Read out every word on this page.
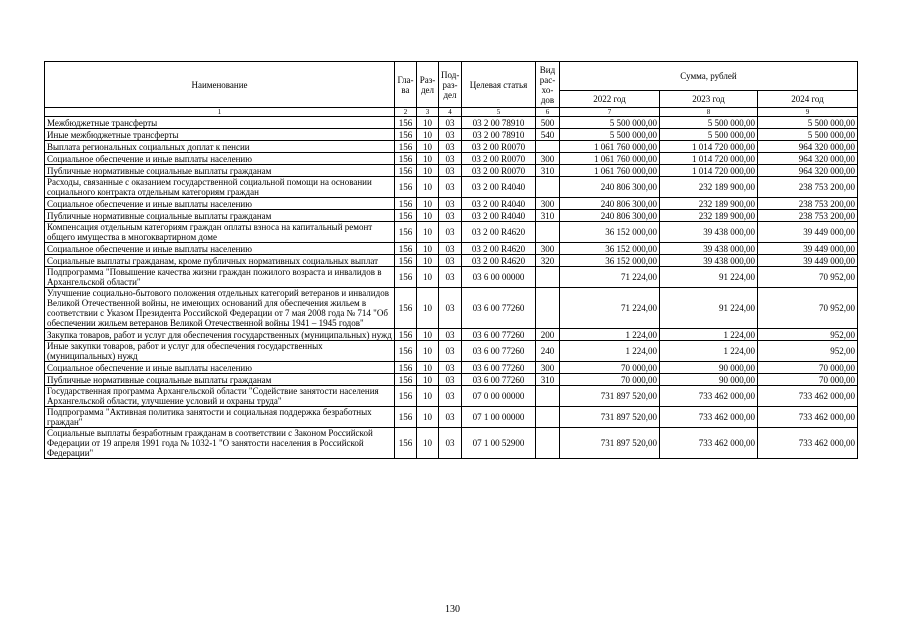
Наименование	Гла-ва	Раз-дел	Под-раз-дел	Целевая статья	Вид рас-хо-дов	Сумма, рублей		
						2022 год	2023 год	2024 год
1	2	3	4	5	6	7	8	9
Межбюджетные трансферты	156	10	03	03 2 00 78910	500	5 500 000,00	5 500 000,00	5 500 000,00
Иные межбюджетные трансферты	156	10	03	03 2 00 78910	540	5 500 000,00	5 500 000,00	5 500 000,00
Выплата региональных социальных доплат к пенсии	156	10	03	03 2 00 R0070		1 061 760 000,00	1 014 720 000,00	964 320 000,00
Социальное обеспечение и иные выплаты населению	156	10	03	03 2 00 R0070	300	1 061 760 000,00	1 014 720 000,00	964 320 000,00
Публичные нормативные социальные выплаты гражданам	156	10	03	03 2 00 R0070	310	1 061 760 000,00	1 014 720 000,00	964 320 000,00
Расходы, связанные с оказанием государственной социальной помощи на основании социального контракта отдельным категориям граждан	156	10	03	03 2 00 R4040		240 806 300,00	232 189 900,00	238 753 200,00
Социальное обеспечение и иные выплаты населению	156	10	03	03 2 00 R4040	300	240 806 300,00	232 189 900,00	238 753 200,00
Публичные нормативные социальные выплаты гражданам	156	10	03	03 2 00 R4040	310	240 806 300,00	232 189 900,00	238 753 200,00
Компенсация отдельным категориям граждан оплаты взноса на капитальный ремонт общего имущества в многоквартирном доме	156	10	03	03 2 00 R4620		36 152 000,00	39 438 000,00	39 449 000,00
Социальное обеспечение и иные выплаты населению	156	10	03	03 2 00 R4620	300	36 152 000,00	39 438 000,00	39 449 000,00
Социальные выплаты гражданам, кроме публичных нормативных социальных выплат	156	10	03	03 2 00 R4620	320	36 152 000,00	39 438 000,00	39 449 000,00
Подпрограмма "Повышение качества жизни граждан пожилого возраста и инвалидов в Архангельской области"	156	10	03	03 6 00 00000		71 224,00	91 224,00	70 952,00
Улучшение социально-бытового положения отдельных категорий ветеранов и инвалидов Великой Отечественной войны, не имеющих оснований для обеспечения жильем в соответствии с Указом Президента Российской Федерации от 7 мая 2008 года № 714 "Об обеспечении жильем ветеранов Великой Отечественной войны 1941 – 1945 годов"	156	10	03	03 6 00 77260		71 224,00	91 224,00	70 952,00
Закупка товаров, работ и услуг для обеспечения государственных (муниципальных) нужд	156	10	03	03 6 00 77260	200	1 224,00	1 224,00	952,00
Иные закупки товаров, работ и услуг для обеспечения государственных (муниципальных) нужд	156	10	03	03 6 00 77260	240	1 224,00	1 224,00	952,00
Социальное обеспечение и иные выплаты населению	156	10	03	03 6 00 77260	300	70 000,00	90 000,00	70 000,00
Публичные нормативные социальные выплаты гражданам	156	10	03	03 6 00 77260	310	70 000,00	90 000,00	70 000,00
Государственная программа Архангельской области "Содействие занятости населения Архангельской области, улучшение условий и охраны труда"	156	10	03	07 0 00 00000		731 897 520,00	733 462 000,00	733 462 000,00
Подпрограмма "Активная политика занятости и социальная поддержка безработных граждан"	156	10	03	07 1 00 00000		731 897 520,00	733 462 000,00	733 462 000,00
Социальные выплаты безработным гражданам в соответствии с Законом Российской Федерации от 19 апреля 1991 года № 1032-1 "О занятости населения в Российской Федерации"	156	10	03	07 1 00 52900		731 897 520,00	733 462 000,00	733 462 000,00
130
